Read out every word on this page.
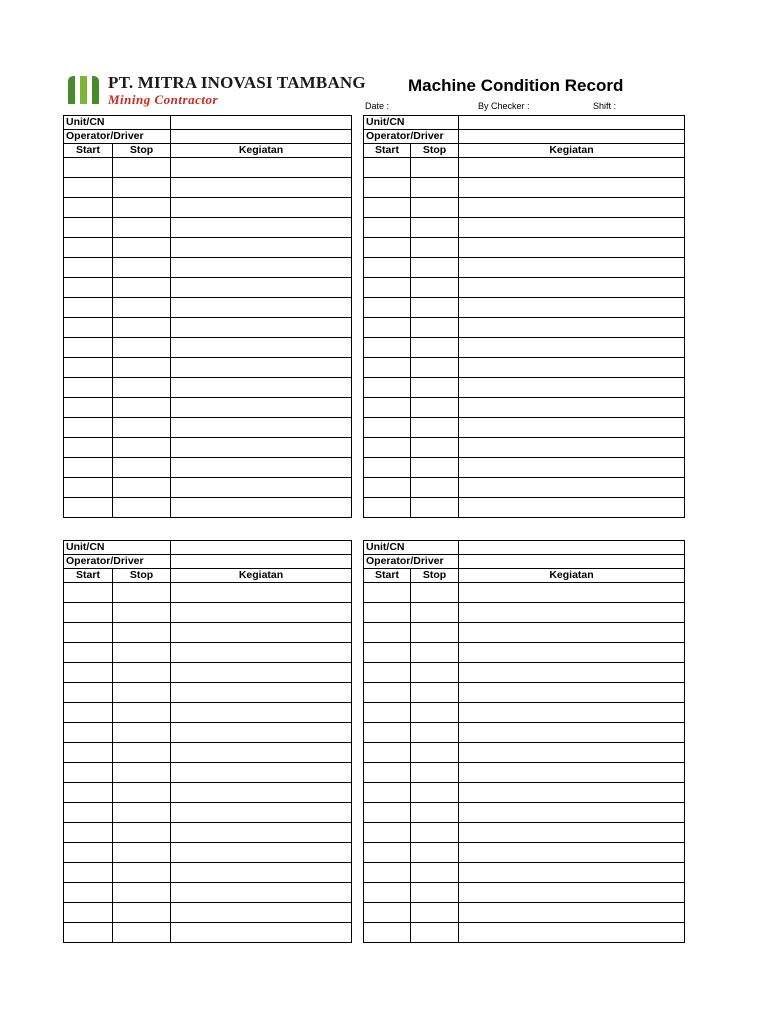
PT. MITRA INOVASI TAMBANG
Mining Contractor
Machine Condition Record
Date :	By Checker :	Shift :
Unit/CN		
Operator/Driver		
Start	Stop	Kegiatan

Unit/CN		
Operator/Driver		
Start	Stop	Kegiatan

Unit/CN		
Operator/Driver		
Start	Stop	Kegiatan

Unit/CN		
Operator/Driver		
Start	Stop	Kegiatan
